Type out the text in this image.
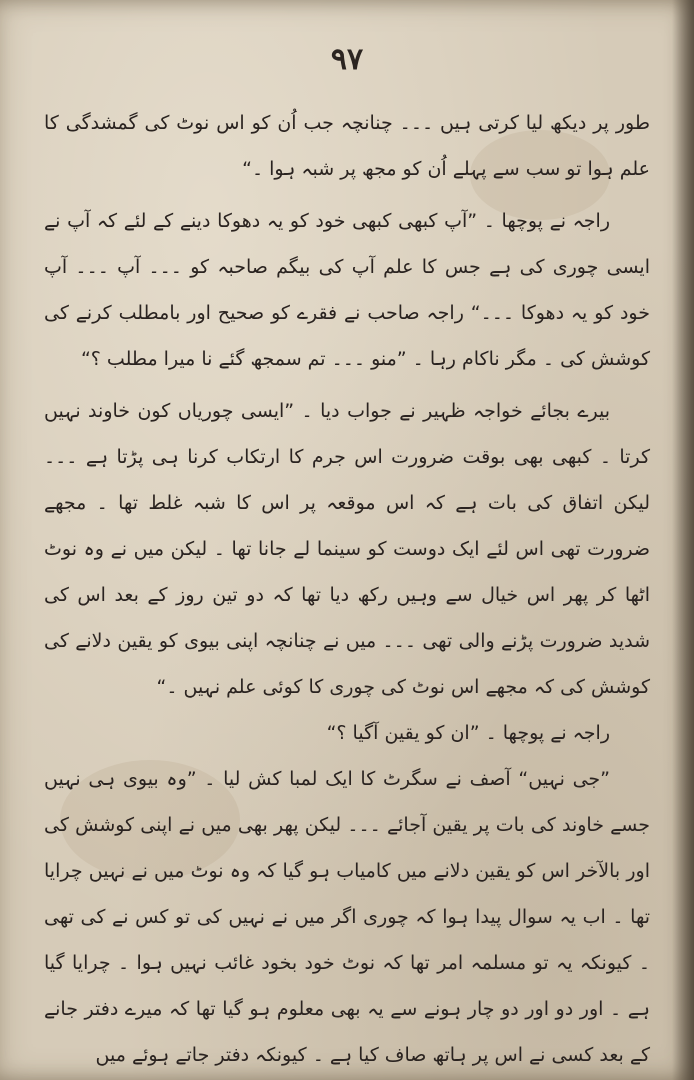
۹۷

طور پر دیکھ لیا کرتی ہیں ۔۔۔ چنانچہ جب اُن کو اس نوٹ کی گمشدگی کا علم ہوا تو سب سے پہلے اُن کو مجھ پر شبہ ہوا ۔“

راجہ نے پوچھا ۔ ”آپ کبھی کبھی خود کو یہ دھوکا دینے کے لئے کہ آپ نے ایسی چوری کی ہے جس کا علم آپ کی بیگم صاحبہ کو ۔۔۔ آپ ۔۔۔ آپ خود کو یہ دھوکا ۔۔۔“ راجہ صاحب نے فقرے کو صحیح اور بامطلب کرنے کی کوشش کی ۔ مگر ناکام رہا ۔ ”منو ۔۔۔ تم سمجھ گئے نا میرا مطلب ؟“

بیرے بجائے خواجہ ظہیر نے جواب دیا ۔ ”ایسی چوریاں کون خاوند نہیں کرتا ۔ کبھی بھی بوقت ضرورت اس جرم کا ارتکاب کرنا ہی پڑتا ہے ۔۔۔ لیکن اتفاق کی بات ہے کہ اس موقعہ پر اس کا شبہ غلط تھا ۔ مجھے ضرورت تھی اس لئے ایک دوست کو سینما لے جانا تھا ۔ لیکن میں نے وہ نوٹ اٹھا کر پھر اس خیال سے وہیں رکھ دیا تھا کہ دو تین روز کے بعد اس کی شدید ضرورت پڑنے والی تھی ۔۔۔ میں نے چنانچہ اپنی بیوی کو یقین دلانے کی کوشش کی کہ مجھے اس نوٹ کی چوری کا کوئی علم نہیں ۔“

راجہ نے پوچھا ۔ ”ان کو یقین آگیا ؟“

”جی نہیں“ آصف نے سگرٹ کا ایک لمبا کش لیا ۔ ”وہ بیوی ہی نہیں جسے خاوند کی بات پر یقین آجائے ۔۔۔ لیکن پھر بھی میں نے اپنی کوشش کی اور بالآخر اس کو یقین دلانے میں کامیاب ہو گیا کہ وہ نوٹ میں نے نہیں چرایا تھا ۔ اب یہ سوال پیدا ہوا کہ چوری اگر میں نے نہیں کی تو کس نے کی تھی ۔ کیونکہ یہ تو مسلمہ امر تھا کہ نوٹ خود بخود غائب نہیں ہوا ۔ چرایا گیا ہے ۔ اور دو اور دو چار ہونے سے یہ بھی معلوم ہو گیا تھا کہ میرے دفتر جانے کے بعد کسی نے اس پر ہاتھ صاف کیا ہے ۔ کیونکہ دفتر جاتے ہوئے میں
